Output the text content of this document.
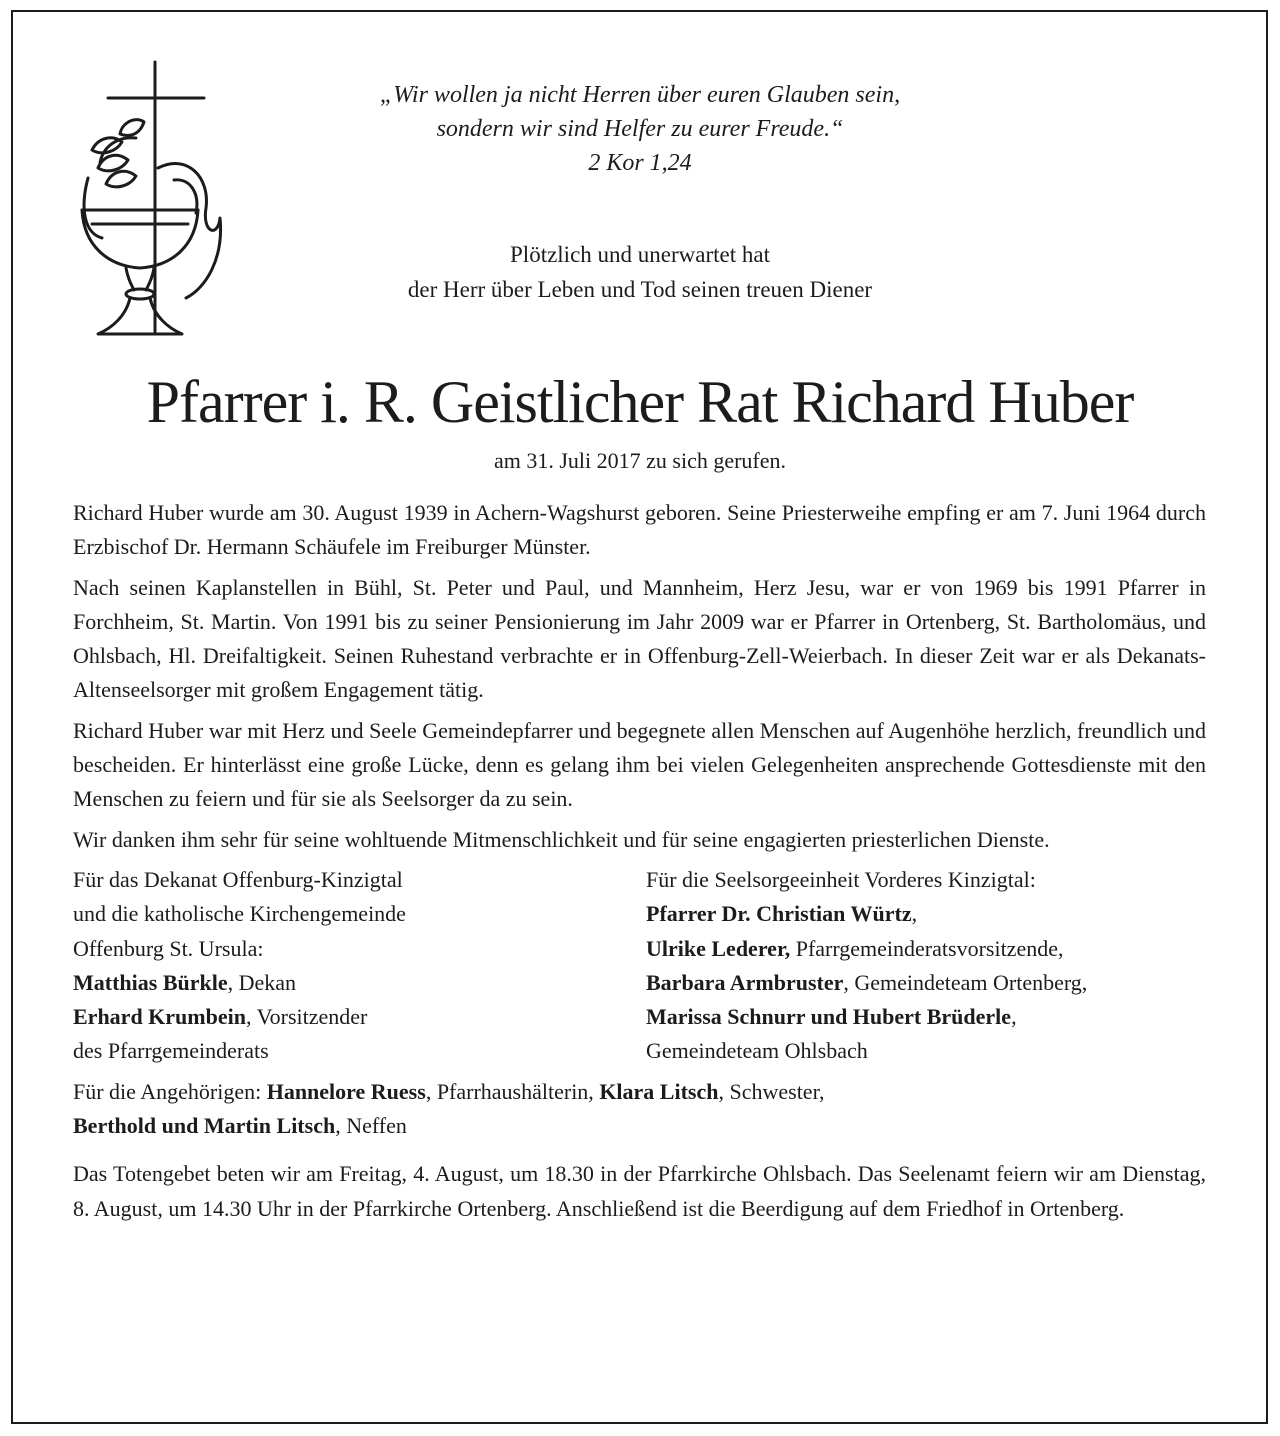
„Wir wollen ja nicht Herren über euren Glauben sein,
sondern wir sind Helfer zu eurer Freude.“
2 Kor 1,24
Plötzlich und unerwartet hat
der Herr über Leben und Tod seinen treuen Diener
Pfarrer i. R. Geistlicher Rat Richard Huber
am 31. Juli 2017 zu sich gerufen.

Richard Huber wurde am 30. August 1939 in Achern-Wagshurst geboren. Seine Priesterweihe empfing er am 7. Juni 1964 durch Erzbischof Dr. Hermann Schäufele im Freiburger Münster.

Nach seinen Kaplanstellen in Bühl, St. Peter und Paul, und Mannheim, Herz Jesu, war er von 1969 bis 1991 Pfarrer in Forchheim, St. Martin. Von 1991 bis zu seiner Pensionierung im Jahr 2009 war er Pfarrer in Ortenberg, St. Bartholomäus, und Ohlsbach, Hl. Dreifaltigkeit. Seinen Ruhestand verbrachte er in Offenburg-Zell-Weierbach. In dieser Zeit war er als Dekanats-Altenseelsorger mit großem Engagement tätig.

Richard Huber war mit Herz und Seele Gemeindepfarrer und begegnete allen Menschen auf Augenhöhe herzlich, freundlich und bescheiden. Er hinterlässt eine große Lücke, denn es gelang ihm bei vielen Gelegenheiten ansprechende Gottesdienste mit den Menschen zu feiern und für sie als Seelsorger da zu sein.

Wir danken ihm sehr für seine wohltuende Mitmenschlichkeit und für seine engagierten priesterlichen Dienste.

Für das Dekanat Offenburg-Kinzigtal
und die katholische Kirchengemeinde
Offenburg St. Ursula:
Matthias Bürkle, Dekan
Erhard Krumbein, Vorsitzender
des Pfarrgemeinderats
Für die Seelsorgeeinheit Vorderes Kinzigtal:
Pfarrer Dr. Christian Würtz,
Ulrike Lederer, Pfarrgemeinderatsvorsitzende,
Barbara Armbruster, Gemeindeteam Ortenberg,
Marissa Schnurr und Hubert Brüderle,
Gemeindeteam Ohlsbach
Für die Angehörigen: Hannelore Ruess, Pfarrhaushälterin, Klara Litsch, Schwester,
Berthold und Martin Litsch, Neffen

Das Totengebet beten wir am Freitag, 4. August, um 18.30 in der Pfarrkirche Ohlsbach. Das Seelenamt feiern wir am Dienstag, 8. August, um 14.30 Uhr in der Pfarrkirche Ortenberg. Anschließend ist die Beerdigung auf dem Friedhof in Ortenberg.
